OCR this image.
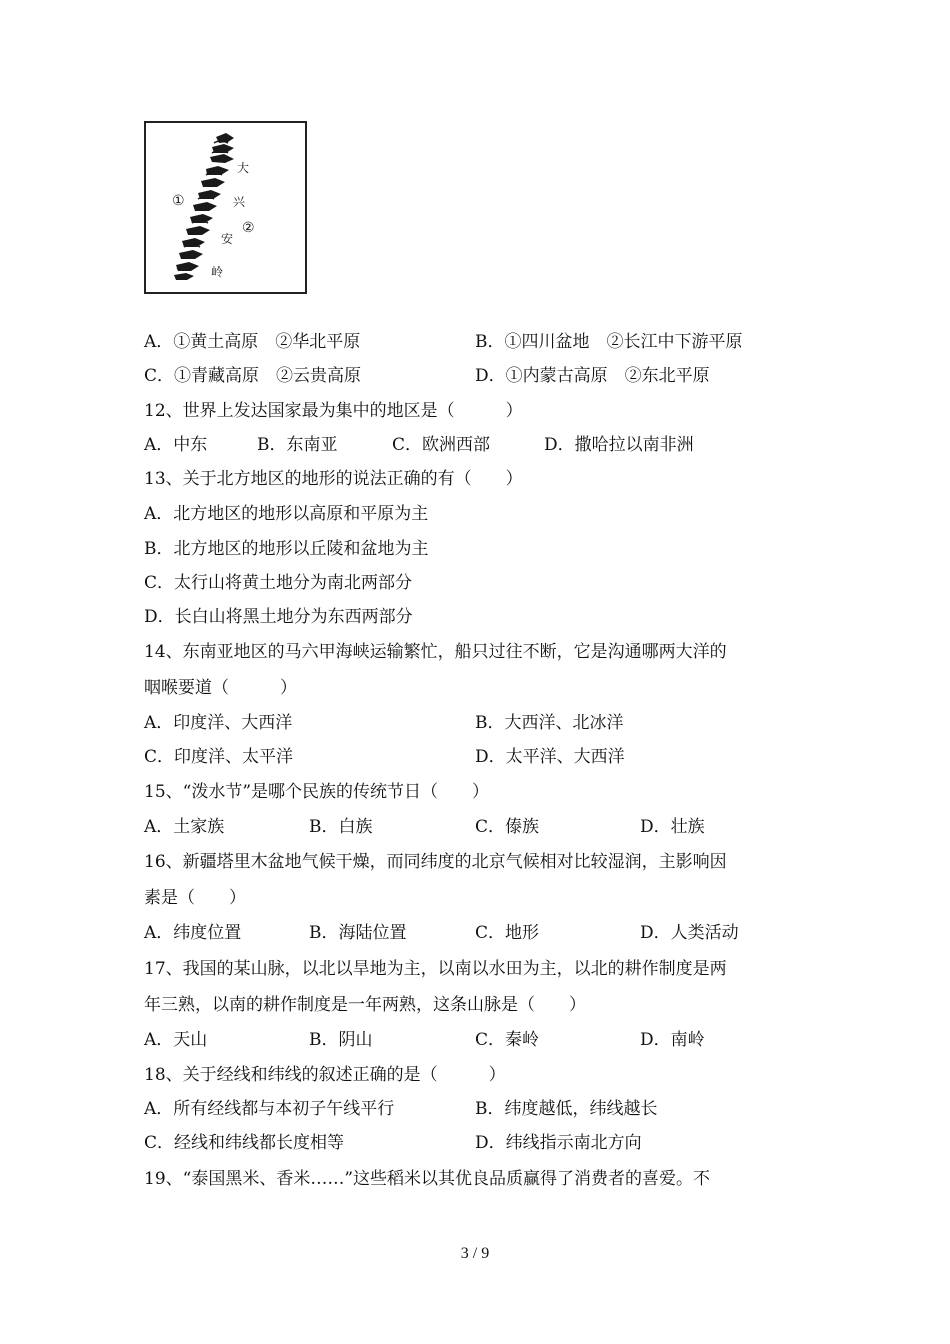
①
②
大
兴
安
岭
A．①黄土高原　②华北平原	B．①四川盆地　②长江中下游平原
C．①青藏高原　②云贵高原	D．①内蒙古高原　②东北平原
12、世界上发达国家最为集中的地区是（　　　）
A．中东	B．东南亚	C．欧洲西部	D．撒哈拉以南非洲
13、关于北方地区的地形的说法正确的有（　　）
A．北方地区的地形以高原和平原为主
B．北方地区的地形以丘陵和盆地为主
C．太行山将黄土地分为南北两部分
D．长白山将黑土地分为东西两部分
14、东南亚地区的马六甲海峡运输繁忙，船只过往不断，它是沟通哪两大洋的
咽喉要道（　　　）
A．印度洋、大西洋	B．大西洋、北冰洋
C．印度洋、太平洋	D．太平洋、大西洋
15、“泼水节”是哪个民族的传统节日（　　）
A．土家族	B．白族	C．傣族	D．壮族
16、新疆塔里木盆地气候干燥，而同纬度的北京气候相对比较湿润，主影响因
素是（　　）
A．纬度位置	B．海陆位置	C．地形	D．人类活动
17、我国的某山脉，以北以旱地为主，以南以水田为主，以北的耕作制度是两
年三熟，以南的耕作制度是一年两熟，这条山脉是（　　）
A．天山	B．阴山	C．秦岭	D．南岭
18、关于经线和纬线的叙述正确的是（　　　）
A．所有经线都与本初子午线平行	B．纬度越低，纬线越长
C．经线和纬线都长度相等	D．纬线指示南北方向
19、“泰国黑米、香米……”这些稻米以其优良品质赢得了消费者的喜爱。不
3 / 9
